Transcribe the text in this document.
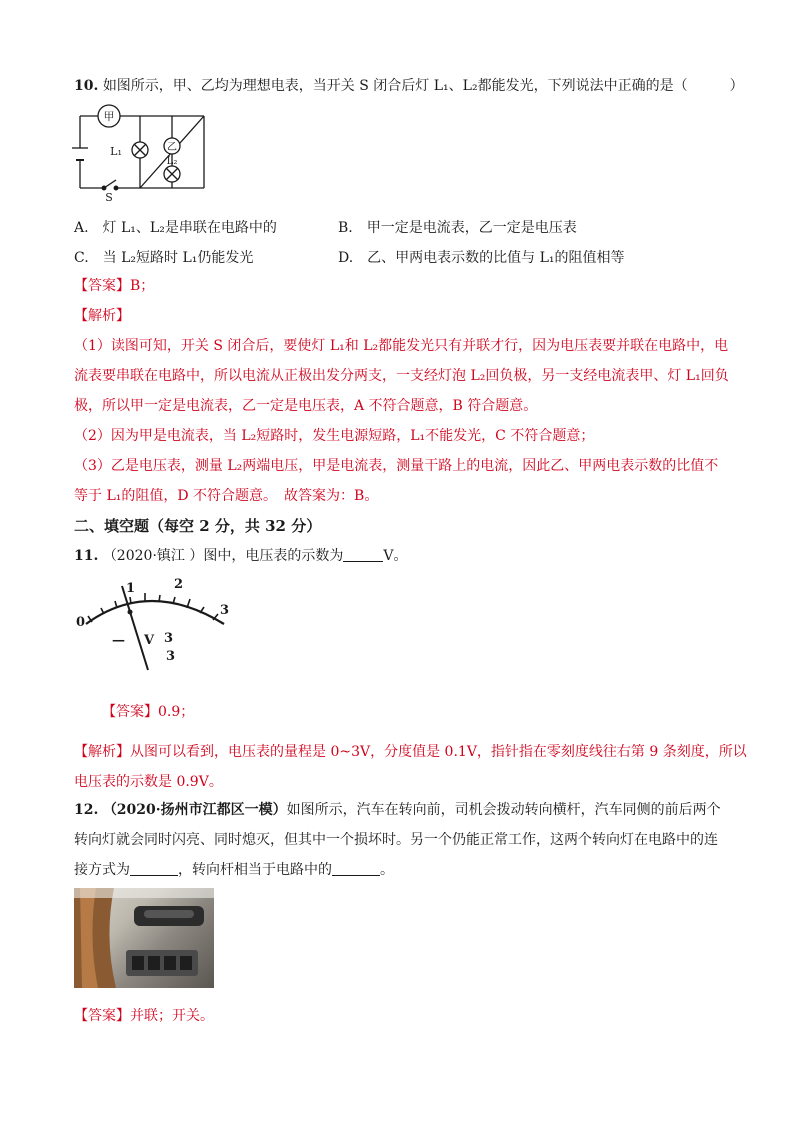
10. 如图所示，甲、乙均为理想电表，当开关 S 闭合后灯 L₁、L₂都能发光，下列说法中正确的是（　　　）
甲
乙
L₁
L₂
S
A.　灯 L₁、L₂是串联在电路中的	B.　甲一定是电流表，乙一定是电压表
C.　当 L₂短路时 L₁仍能发光	D.　乙、甲两电表示数的比值与 L₁的阻值相等
【答案】B；
【解析】
（1）读图可知，开关 S 闭合后，要使灯 L₁和 L₂都能发光只有并联才行，因为电压表要并联在电路中，电
流表要串联在电路中，所以电流从正极出发分两支，一支经灯泡 L₂回负极，另一支经电流表甲、灯 L₁回负
极，所以甲一定是电流表，乙一定是电压表，A 不符合题意，B 符合题意。
（2）因为甲是电流表，当 L₂短路时，发生电源短路，L₁不能发光，C 不符合题意；
（3）乙是电压表，测量 L₂两端电压，甲是电流表，测量干路上的电流，因此乙、甲两电表示数的比值不
等于 L₁的阻值，D 不符合题意。　故答案为：B。
二、填空题（每空 2 分，共 32 分）
11. （2020·镇江 ）图中，电压表的示数为	V。
0
1	2
3
V
—	3
3
【答案】0.9；
【解析】从图可以看到，电压表的量程是 0~3V，分度值是 0.1V，指针指在零刻度线往右第 9 条刻度，所以
电压表的示数是 0.9V。
12. （2020·扬州市江都区一模）如图所示，汽车在转向前，司机会拨动转向横杆，汽车同侧的前后两个
转向灯就会同时闪亮、同时熄灭，但其中一个损坏时。另一个仍能正常工作，这两个转向灯在电路中的连
接方式为	，转向杆相当于电路中的	。
【答案】并联；开关。
